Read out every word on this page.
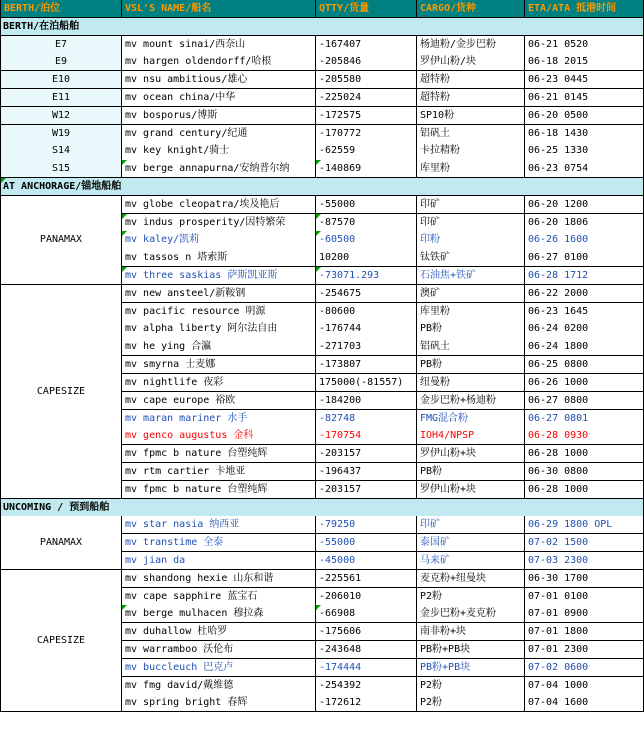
BERTH/泊位	VSL'S NAME/船名	QTTY/货量	CARGO/货种	ETA/ATA 抵港时间
BERTH/在泊船舶
E7	mv mount sinai/西奈山	-167407	杨迪粉/金步巴粉	06-21 0520
E9	mv hargen oldendorff/哈根	-205846	罗伊山粉/块	06-18 2015
E10	mv nsu ambitious/雄心	-205580	超特粉	06-23 0445
E11	mv ocean china/中华	-225024	超特粉	06-21 0145
W12	mv bosporus/博斯	-172575	SP10粉	06-20 0500
W19	mv grand century/纪通	-170772	铝矾土	06-18 1430
S14	mv key knight/骑士	-62559	卡拉精粉	06-25 1330
S15	mv berge annapurna/安纳普尔纳	-140869	库里粉	06-23 0754
AT ANCHORAGE/锚地船舶
PANAMAX
mv globe cleopatra/埃及艳后	-55000	印矿	06-20 1200
mv indus prosperity/因特繁荣	-87570	印矿	06-20 1806
mv kaley/凯莉	-60500	印粉	06-26 1600
mv tassos n 塔索斯	10200	钛铁矿	06-27 0100
mv three saskias 萨斯凯亚斯	-73071.293	石油焦+铁矿	06-28 1712
CAPESIZE
mv new ansteel/新鞍钢	-254675	澳矿	06-22 2000
mv pacific resource 明源	-80600	库里粉	06-23 1645
mv alpha liberty 阿尔法自由	-176744	PB粉	06-24 0200
mv he ying 合瀛	-271703	铝矾土	06-24 1800
mv smyrna 士麦娜	-173807	PB粉	06-25 0800
mv nightlife 夜彩	175000(-81557)	纽曼粉	06-26 1000
mv cape europe 裕欧	-184200	金步巴粉+杨迪粉	06-27 0800
mv maran mariner 水手	-82748	FMG混合粉	06-27 0801
mv genco augustus 金科	-170754	IOH4/NPSP	06-28 0930
mv fpmc b nature 台塑纯辉	-203157	罗伊山粉+块	06-28 1000
mv rtm cartier 卡地亚	-196437	PB粉	06-30 0800
mv fpmc b nature 台塑纯辉	-203157	罗伊山粉+块	06-28 1000
UNCOMING / 预到船舶
PANAMAX
mv star nasia 纳西亚	-79250	印矿	06-29 1800 OPL
mv transtime 全泰	-55000	泰国矿	07-02 1500
mv jian da	-45000	马来矿	07-03 2300
CAPESIZE
mv shandong hexie 山东和谐	-225561	麦克粉+纽曼块	06-30 1700
mv cape sapphire 蓝宝石	-206010	P2粉	07-01 0100
mv berge mulhacen 穆拉森	-66908	金步巴粉+麦克粉	07-01 0900
mv duhallow 杜哈罗	-175606	南非粉+块	07-01 1800
mv warramboo 沃伦布	-243648	PB粉+PB块	07-01 2300
mv buccleuch 巴克卢	-174444	PB粉+PB块	07-02 0600
mv fmg david/戴维德	-254392	P2粉	07-04 1000
mv spring bright 春辉	-172612	P2粉	07-04 1600
